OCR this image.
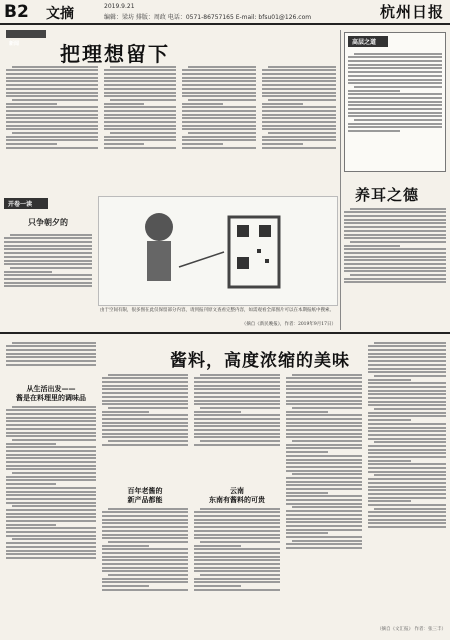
B2 文摘	2019.9.21
编辑：梁坊 排版：周政 电话：0571-86757165 E-mail: bfsu01@126.com	杭州日报
新闻	把理想留下
开卷一读
只争朝夕的
由于空间有限，很多图在此仅保留部分内容，请到报刊原文查看完整内容，如需观看全部图片可以在本期报纸中搜索。
（摘自《新民晚报》，作者：2019年9月17日）
高层之道
养耳之德
酱料，高度浓缩的美味
从生活出发——
酱是在料理里的调味品
百年老酱的
新产品都能
云南
东南有酱料的可贵
（摘自《文汇报》 作者：张三丰）
